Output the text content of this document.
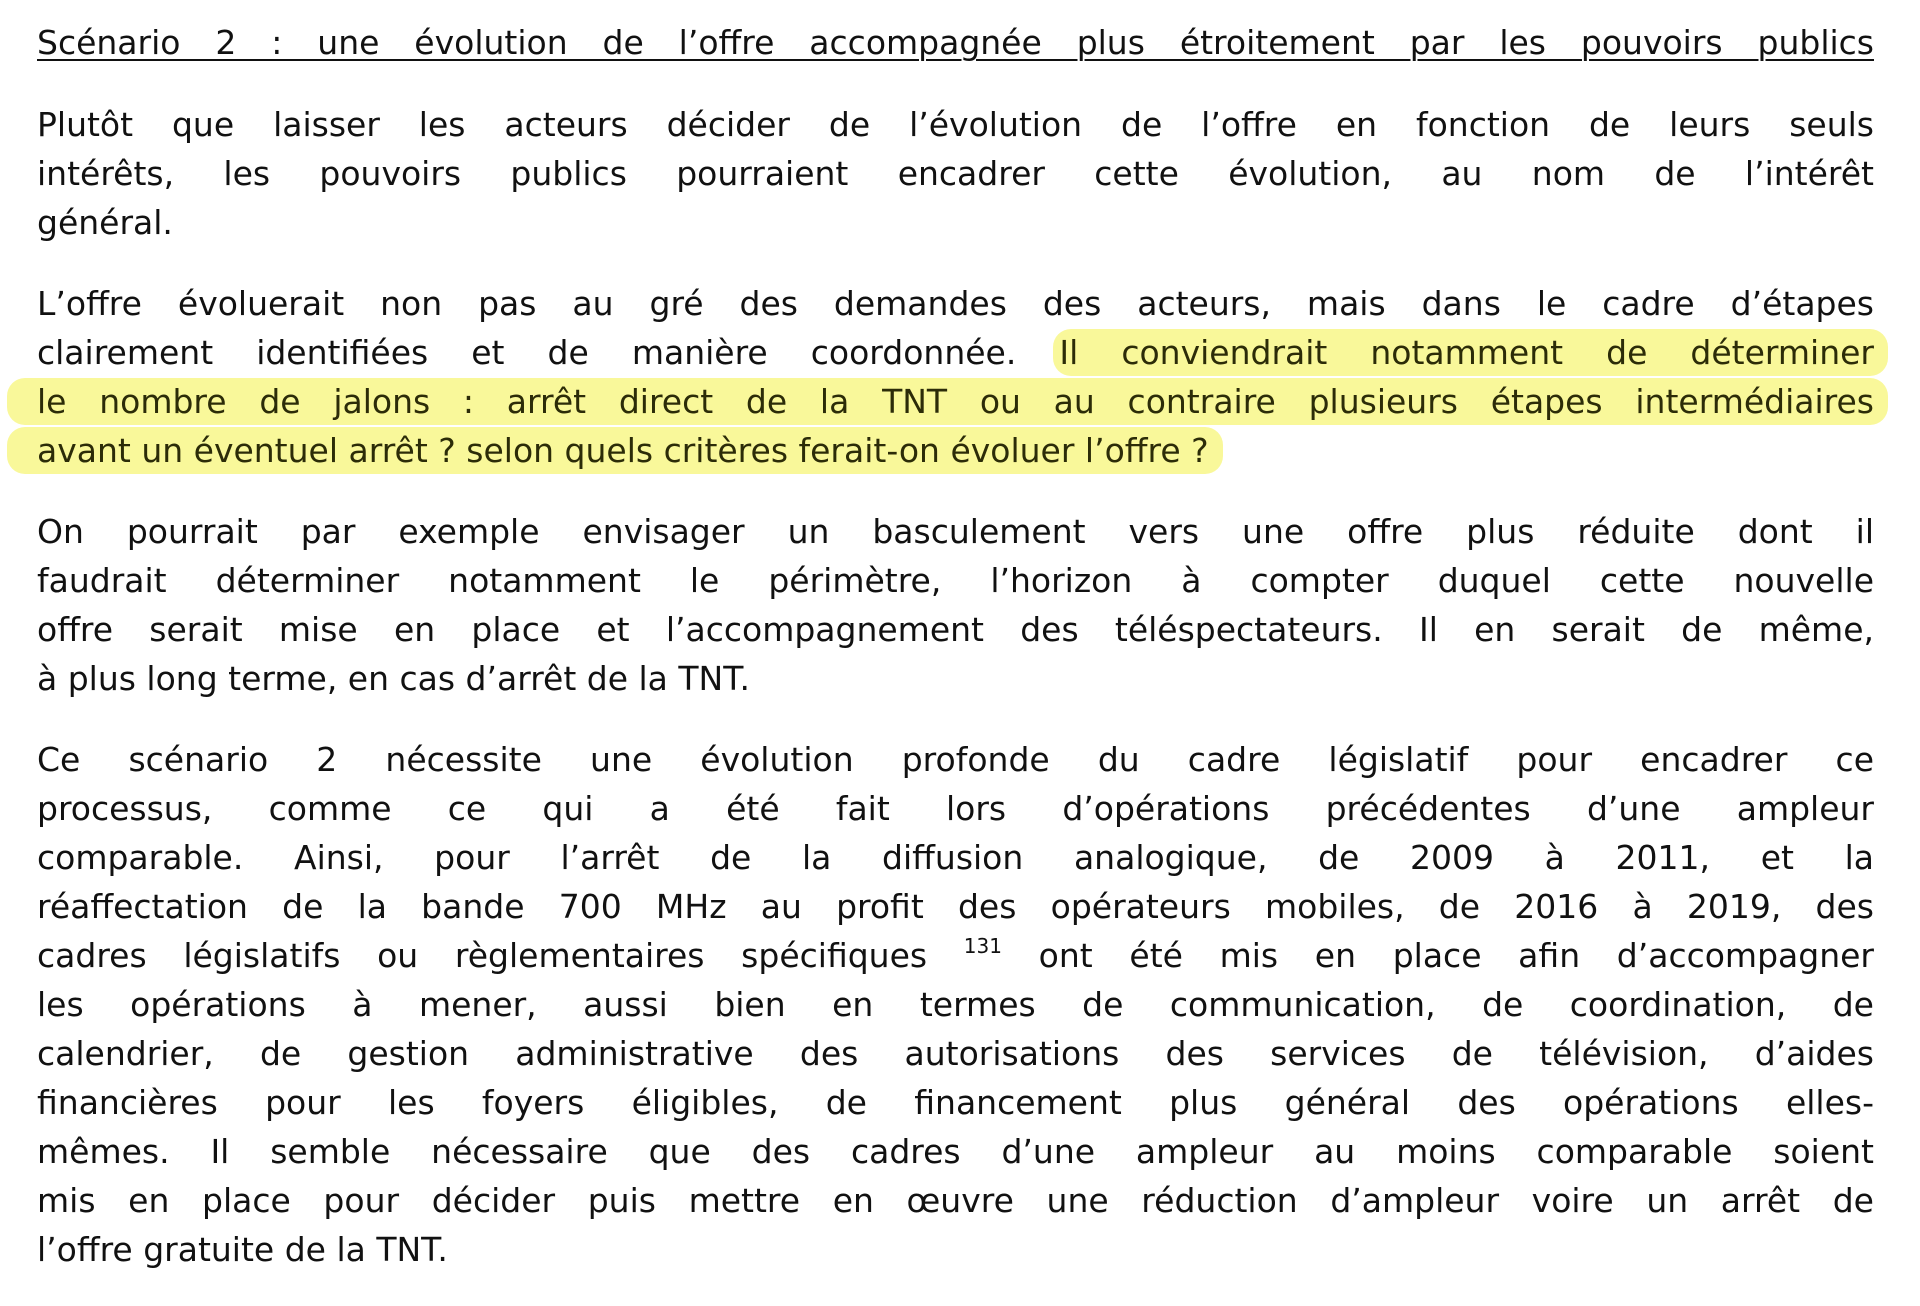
Scénario 2 : une évolution de l’offre accompagnée plus étroitement par les pouvoirs publics
Plutôt que laisser les acteurs décider de l’évolution de l’offre en fonction de leurs seuls
intérêts, les pouvoirs publics pourraient encadrer cette évolution, au nom de l’intérêt
général.
L’offre évoluerait non pas au gré des demandes des acteurs, mais dans le cadre d’étapes
clairement identifiées et de manière coordonnée. Il conviendrait notamment de déterminer
le nombre de jalons : arrêt direct de la TNT ou au contraire plusieurs étapes intermédiaires
avant un éventuel arrêt ? selon quels critères ferait-on évoluer l’offre ?
On pourrait par exemple envisager un basculement vers une offre plus réduite dont il
faudrait déterminer notamment le périmètre, l’horizon à compter duquel cette nouvelle
offre serait mise en place et l’accompagnement des téléspectateurs. Il en serait de même,
à plus long terme, en cas d’arrêt de la TNT.
Ce scénario 2 nécessite une évolution profonde du cadre législatif pour encadrer ce
processus, comme ce qui a été fait lors d’opérations précédentes d’une ampleur
comparable. Ainsi, pour l’arrêt de la diffusion analogique, de 2009 à 2011, et la
réaffectation de la bande 700 MHz au profit des opérateurs mobiles, de 2016 à 2019, des
cadres législatifs ou règlementaires spécifiques $^{131}$ ont été mis en place afin d’accompagner
les opérations à mener, aussi bien en termes de communication, de coordination, de
calendrier, de gestion administrative des autorisations des services de télévision, d’aides
financières pour les foyers éligibles, de financement plus général des opérations elles-
mêmes. Il semble nécessaire que des cadres d’une ampleur au moins comparable soient
mis en place pour décider puis mettre en œuvre une réduction d’ampleur voire un arrêt de
l’offre gratuite de la TNT.
